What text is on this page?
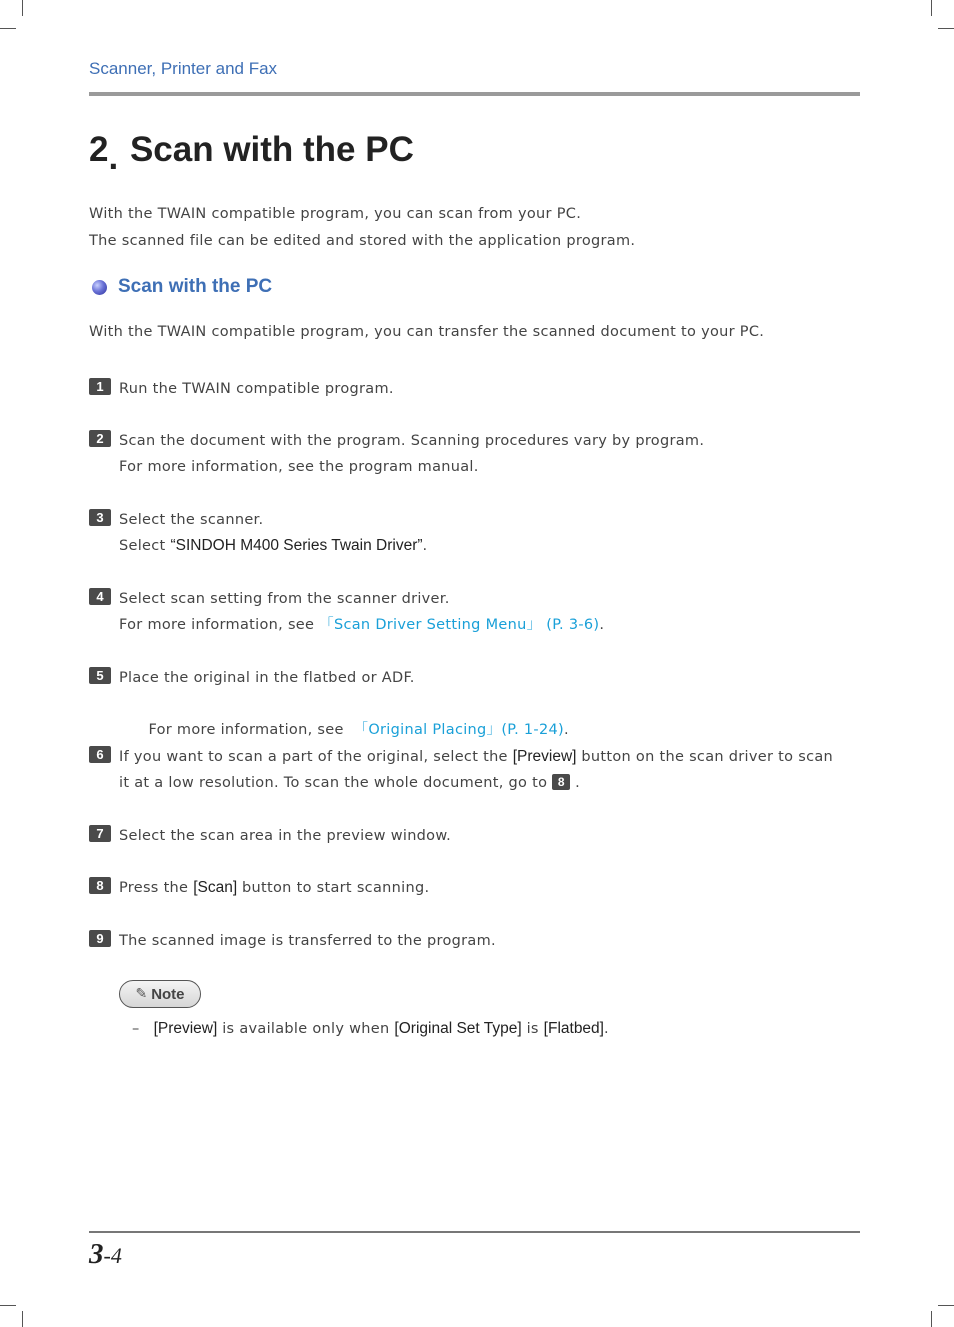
Scanner, Printer and Fax
2. Scan with the PC
With the TWAIN compatible program, you can scan from your PC.
The scanned file can be edited and stored with the application program.
Scan with the PC
With the TWAIN compatible program, you can transfer the scanned document to your PC.
1	Run the TWAIN compatible program.
2	Scan the document with the program. Scanning procedures vary by program.
For more information, see the program manual.
3	Select the scanner.
Select “SINDOH M400 Series Twain Driver”.
4	Select scan setting from the scanner driver.
For more information, see 「Scan Driver Setting Menu」 (P. 3-6).
5	Place the original in the flatbed or ADF.

For more information, see  「Original Placing」(P. 1-24).

6	If you want to scan a part of the original, select the [Preview] button on the scan driver to scan
it at a low resolution. To scan the whole document, go to 8 .
7	Select the scan area in the preview window.
8	Press the [Scan] button to start scanning.
9	The scanned image is transferred to the program.
✎ Note
– [Preview] is available only when [Original Set Type] is [Flatbed].
3-4
